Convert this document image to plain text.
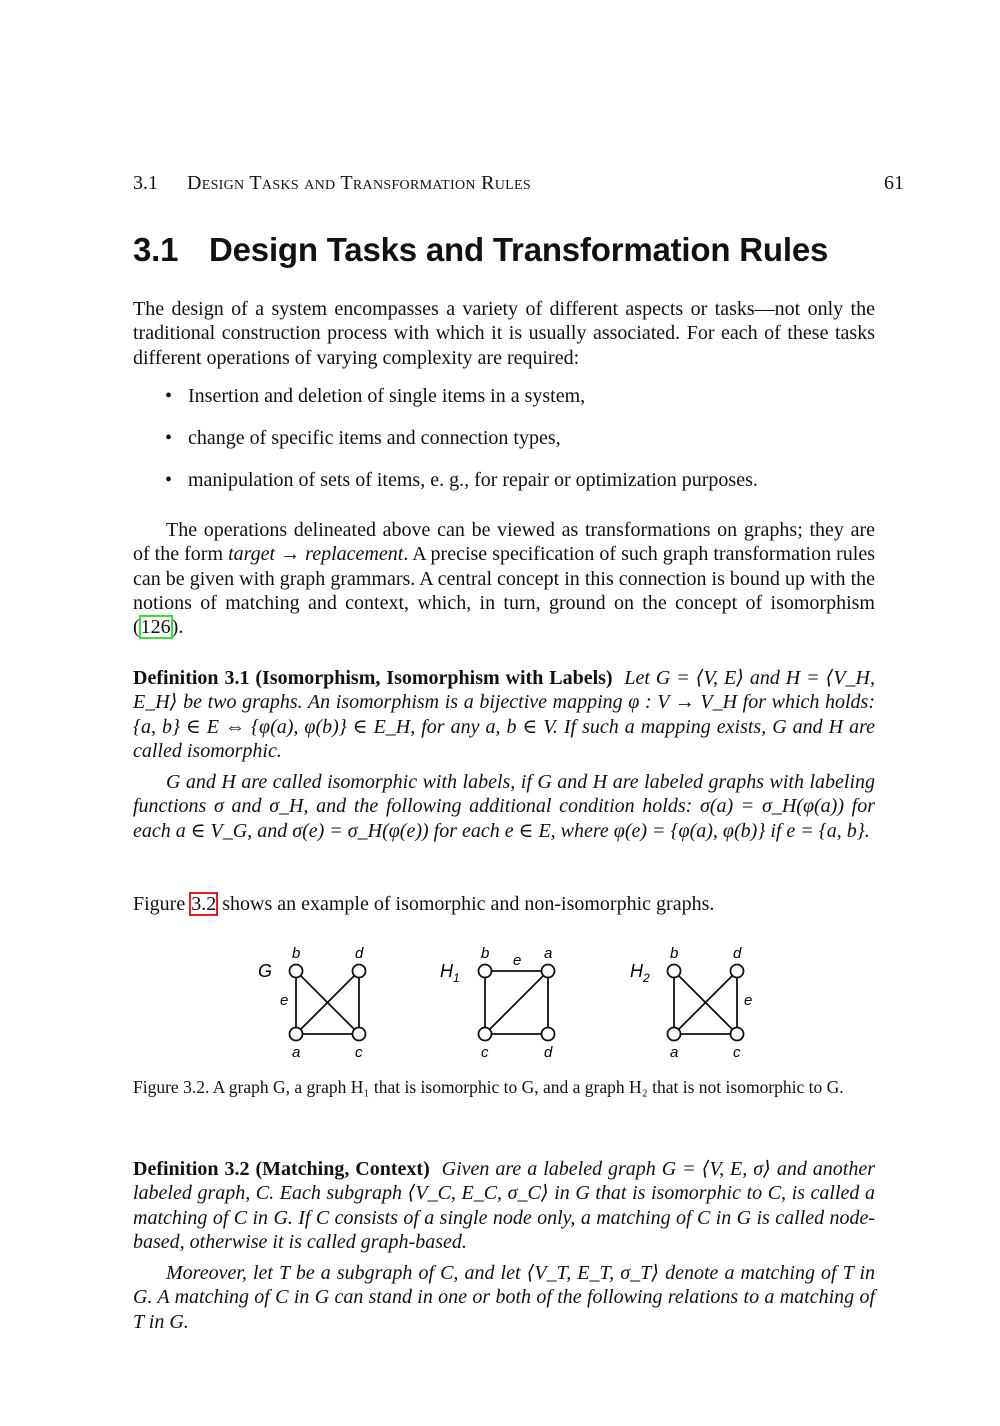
3.1 Design Tasks and Transformation Rules	61
3.1 Design Tasks and Transformation Rules

The design of a system encompasses a variety of different aspects or tasks—not only the traditional construction process with which it is usually associated. For each of these tasks different operations of varying complexity are required:

• Insertion and deletion of single items in a system,
• change of specific items and connection types,
• manipulation of sets of items, e. g., for repair or optimization purposes.

The operations delineated above can be viewed as transformations on graphs; they are of the form target → replacement. A precise specification of such graph transformation rules can be given with graph grammars. A central concept in this connection is bound up with the notions of matching and context, which, in turn, ground on the concept of isomorphism (126).

Definition 3.1 (Isomorphism, Isomorphism with Labels) Let G = ⟨V, E⟩ and H = ⟨V_H, E_H⟩ be two graphs. An isomorphism is a bijective mapping φ : V → V_H for which holds: {a, b} ∈ E ⇔ {φ(a), φ(b)} ∈ E_H, for any a, b ∈ V. If such a mapping exists, G and H are called isomorphic.

G and H are called isomorphic with labels, if G and H are labeled graphs with labeling functions σ and σ_H, and the following additional condition holds: σ(a) = σ_H(φ(a)) for each a ∈ V_G, and σ(e) = σ_H(φ(e)) for each e ∈ E, where φ(e) = {φ(a), φ(b)} if e = {a, b}.

Figure 3.2 shows an example of isomorphic and non-isomorphic graphs.

G
b	d
a	c
e
$H_1$
b	a
c	d
e
$H_2$
b	d
a	c
e
Figure 3.2. A graph G, a graph H₁ that is isomorphic to G, and a graph H₂ that is not isomorphic to G.

Definition 3.2 (Matching, Context) Given are a labeled graph G = ⟨V, E, σ⟩ and another labeled graph, C. Each subgraph ⟨V_C, E_C, σ_C⟩ in G that is isomorphic to C, is called a matching of C in G. If C consists of a single node only, a matching of C in G is called node-based, otherwise it is called graph-based.

Moreover, let T be a subgraph of C, and let ⟨V_T, E_T, σ_T⟩ denote a matching of T in G. A matching of C in G can stand in one or both of the following relations to a matching of T in G.
